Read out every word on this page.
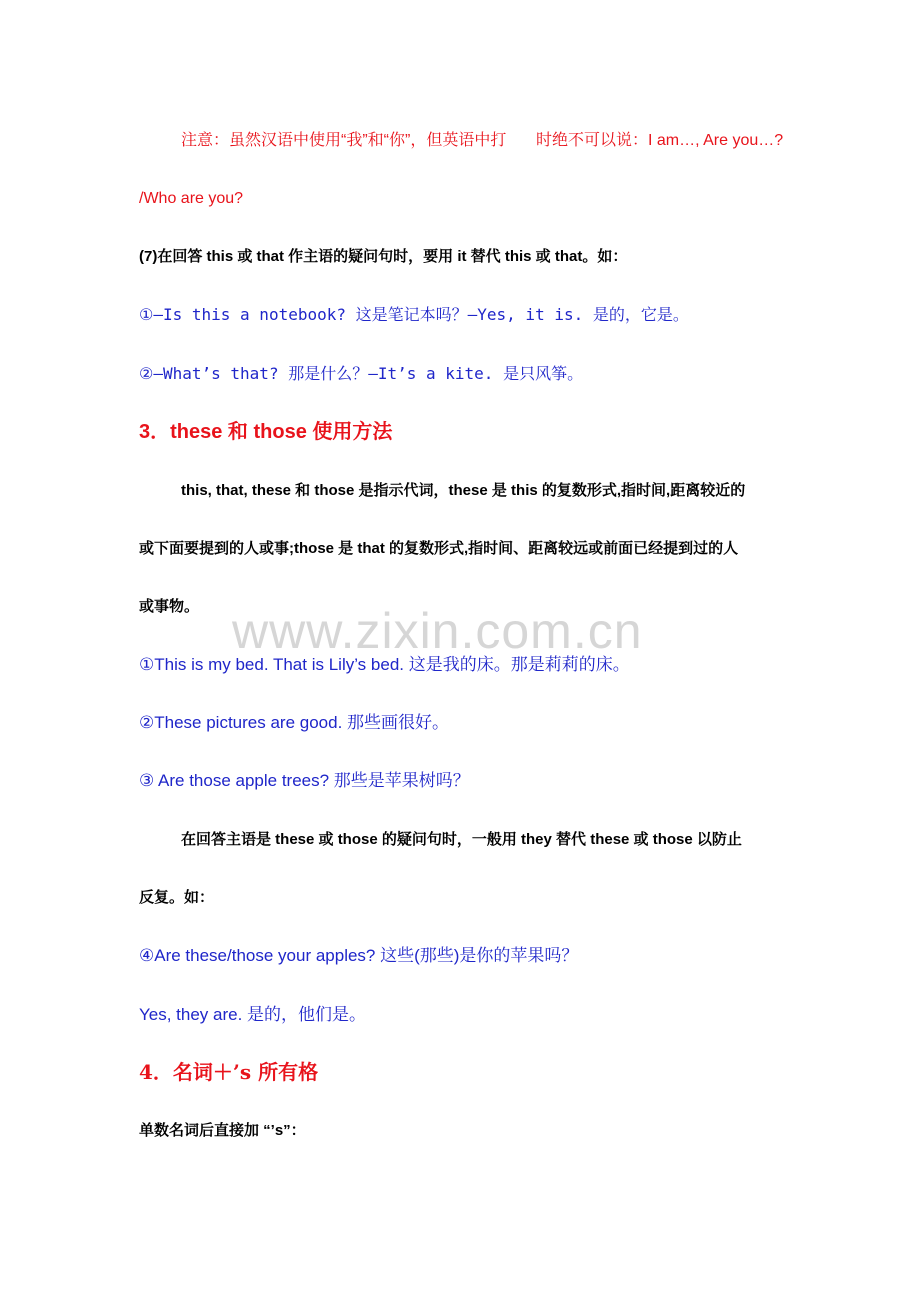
www.zixin.com.cn
注意：虽然汉语中使用“我”和“你”，但英语中打 时绝不可以说：I am…, Are you…?
/Who are you?
(7)在回答 this 或 that 作主语的疑问句时，要用 it 替代 this 或 that。如：
①—Is this a notebook? 这是笔记本吗？—Yes, it is. 是的，它是。
②—What’s that? 那是什么？—It’s a kite. 是只风筝。
3．these 和 those 使用方法
this, that, these 和 those 是指示代词，these 是 this 的复数形式,指时间,距离较近的
或下面要提到的人或事;those 是 that 的复数形式,指时间、距离较远或前面已经提到过的人
或事物。
①This is my bed. That is Lily’s bed. 这是我的床。那是莉莉的床。
②These pictures are good. 那些画很好。
③ Are those apple trees? 那些是苹果树吗？
在回答主语是 these 或 those 的疑问句时，一般用 they 替代 these 或 those 以防止
反复。如：
④Are these/those your apples? 这些(那些)是你的苹果吗？
Yes, they are. 是的，他们是。
4．名词＋’s 所有格
单数名词后直接加 “’s”：
